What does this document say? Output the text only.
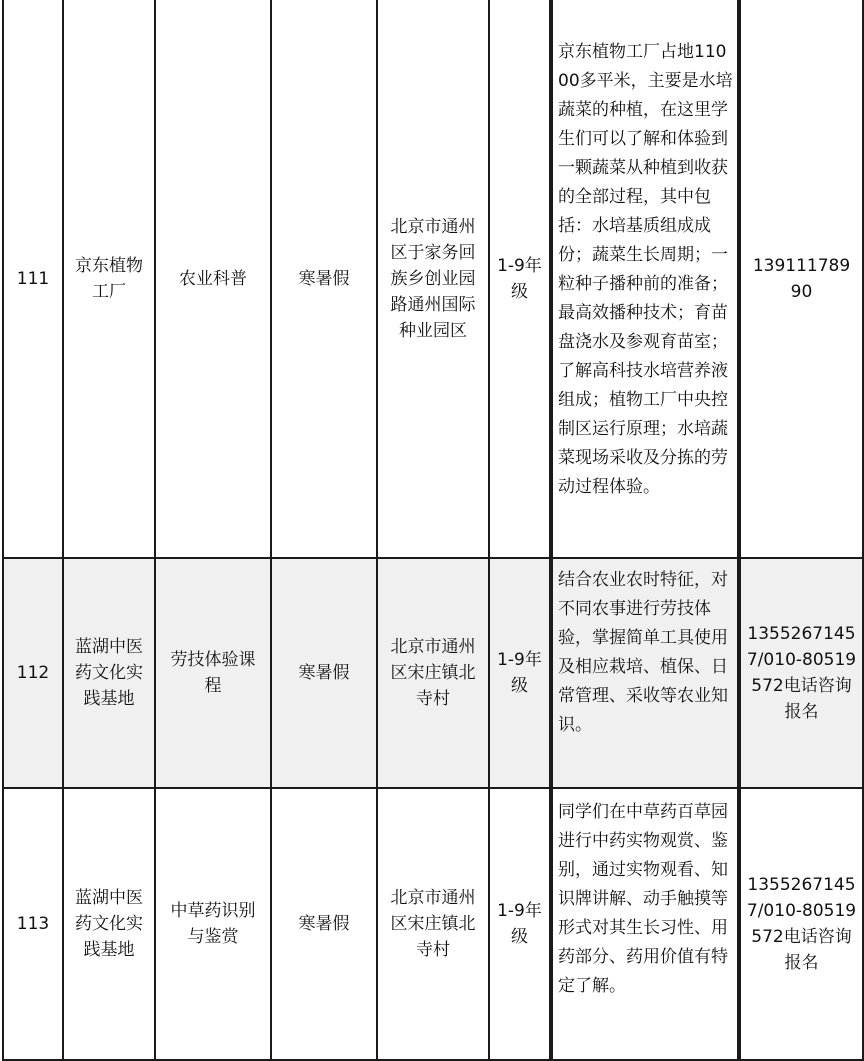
111	京东植物工厂	农业科普	寒暑假	北京市通州区于家务回族乡创业园路通州国际种业园区	1-9年级	京东植物工厂占地11000多平米，主要是水培蔬菜的种植，在这里学生们可以了解和体验到一颗蔬菜从种植到收获的全部过程，其中包括：水培基质组成成份；蔬菜生长周期；一粒种子播种前的准备；最高效播种技术；育苗盘浇水及参观育苗室；了解高科技水培营养液组成；植物工厂中央控制区运行原理；水培蔬菜现场采收及分拣的劳动过程体验。	13911178990
112	蓝湖中医药文化实践基地	劳技体验课程	寒暑假	北京市通州区宋庄镇北寺村	1-9年级	结合农业农时特征，对不同农事进行劳技体验，掌握简单工具使用及相应栽培、植保、日常管理、采收等农业知识。	13552671457/010-80519572电话咨询报名
113	蓝湖中医药文化实践基地	中草药识别与鉴赏	寒暑假	北京市通州区宋庄镇北寺村	1-9年级	同学们在中草药百草园进行中药实物观赏、鉴别，通过实物观看、知识牌讲解、动手触摸等形式对其生长习性、用药部分、药用价值有特定了解。	13552671457/010-80519572电话咨询报名
